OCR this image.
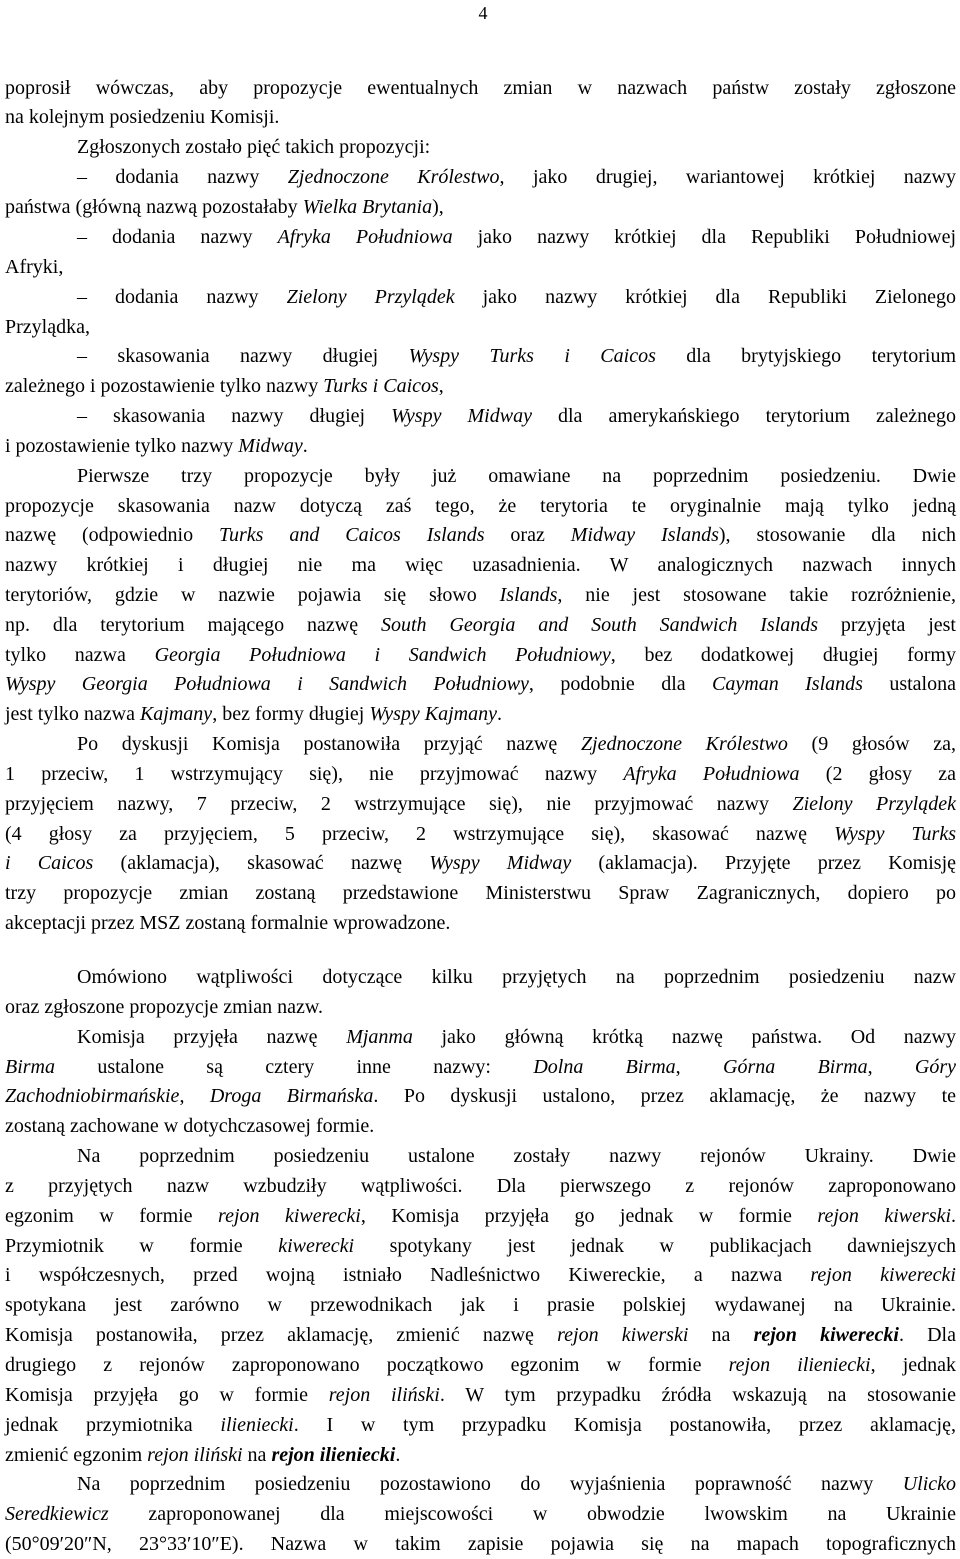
4
poprosił wówczas, aby propozycje ewentualnych zmian w nazwach państw zostały zgłoszone
na kolejnym posiedzeniu Komisji.
Zgłoszonych zostało pięć takich propozycji:
– dodania nazwy Zjednoczone Królestwo, jako drugiej, wariantowej krótkiej nazwy
państwa (główną nazwą pozostałaby Wielka Brytania),
– dodania nazwy Afryka Południowa jako nazwy krótkiej dla Republiki Południowej
Afryki,
– dodania nazwy Zielony Przylądek jako nazwy krótkiej dla Republiki Zielonego
Przylądka,
– skasowania nazwy długiej Wyspy Turks i Caicos dla brytyjskiego terytorium
zależnego i pozostawienie tylko nazwy Turks i Caicos,
– skasowania nazwy długiej Wyspy Midway dla amerykańskiego terytorium zależnego
i pozostawienie tylko nazwy Midway.
Pierwsze trzy propozycje były już omawiane na poprzednim posiedzeniu. Dwie
propozycje skasowania nazw dotyczą zaś tego, że terytoria te oryginalnie mają tylko jedną
nazwę (odpowiednio Turks and Caicos Islands oraz Midway Islands), stosowanie dla nich
nazwy krótkiej i długiej nie ma więc uzasadnienia. W analogicznych nazwach innych
terytoriów, gdzie w nazwie pojawia się słowo Islands, nie jest stosowane takie rozróżnienie,
np. dla terytorium mającego nazwę South Georgia and South Sandwich Islands przyjęta jest
tylko nazwa Georgia Południowa i Sandwich Południowy, bez dodatkowej długiej formy
Wyspy Georgia Południowa i Sandwich Południowy, podobnie dla Cayman Islands ustalona
jest tylko nazwa Kajmany, bez formy długiej Wyspy Kajmany.
Po dyskusji Komisja postanowiła przyjąć nazwę Zjednoczone Królestwo (9 głosów za,
1 przeciw, 1 wstrzymujący się), nie przyjmować nazwy Afryka Południowa (2 głosy za
przyjęciem nazwy, 7 przeciw, 2 wstrzymujące się), nie przyjmować nazwy Zielony Przylądek
(4 głosy za przyjęciem, 5 przeciw, 2 wstrzymujące się), skasować nazwę Wyspy Turks
i Caicos (aklamacja), skasować nazwę Wyspy Midway (aklamacja). Przyjęte przez Komisję
trzy propozycje zmian zostaną przedstawione Ministerstwu Spraw Zagranicznych, dopiero po
akceptacji przez MSZ zostaną formalnie wprowadzone.
Omówiono wątpliwości dotyczące kilku przyjętych na poprzednim posiedzeniu nazw
oraz zgłoszone propozycje zmian nazw.
Komisja przyjęła nazwę Mjanma jako główną krótką nazwę państwa. Od nazwy
Birma ustalone są cztery inne nazwy: Dolna Birma, Górna Birma, Góry
Zachodniobirmańskie, Droga Birmańska. Po dyskusji ustalono, przez aklamację, że nazwy te
zostaną zachowane w dotychczasowej formie.
Na poprzednim posiedzeniu ustalone zostały nazwy rejonów Ukrainy. Dwie
z przyjętych nazw wzbudziły wątpliwości. Dla pierwszego z rejonów zaproponowano
egzonim w formie rejon kiwerecki, Komisja przyjęła go jednak w formie rejon kiwerski.
Przymiotnik w formie kiwerecki spotykany jest jednak w publikacjach dawniejszych
i współczesnych, przed wojną istniało Nadleśnictwo Kiwereckie, a nazwa rejon kiwerecki
spotykana jest zarówno w przewodnikach jak i prasie polskiej wydawanej na Ukrainie.
Komisja postanowiła, przez aklamację, zmienić nazwę rejon kiwerski na rejon kiwerecki. Dla
drugiego z rejonów zaproponowano początkowo egzonim w formie rejon ilieniecki, jednak
Komisja przyjęła go w formie rejon iliński. W tym przypadku źródła wskazują na stosowanie
jednak przymiotnika ilieniecki. I w tym przypadku Komisja postanowiła, przez aklamację,
zmienić egzonim rejon iliński na rejon ilieniecki.
Na poprzednim posiedzeniu pozostawiono do wyjaśnienia poprawność nazwy Ulicko
Seredkiewicz zaproponowanej dla miejscowości w obwodzie lwowskim na Ukrainie
(50°09′20″N, 23°33′10″E). Nazwa w takim zapisie pojawia się na mapach topograficznych
